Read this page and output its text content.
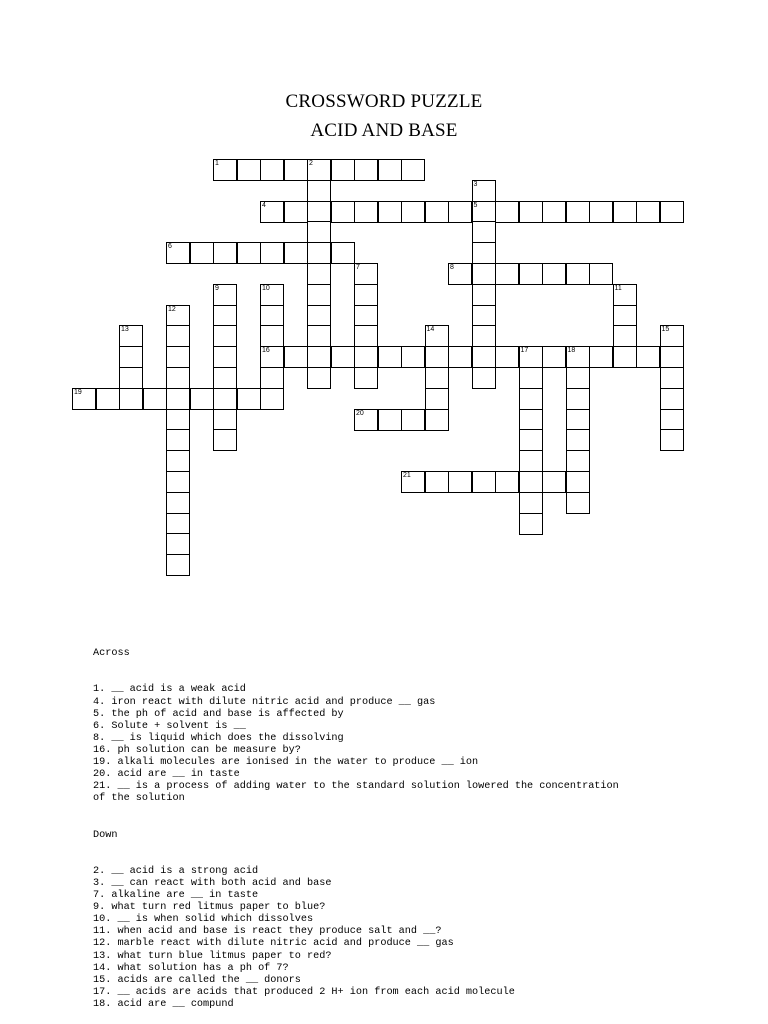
CROSSWORD PUZZLE
ACID AND BASE
1	2
4
3
5
6
7	8
9	10
16
11
12
13	14	15
17	18
19
20
21

Across

1. __ acid is a weak acid
4. iron react with dilute nitric acid and produce __ gas
5. the ph of acid and base is affected by
6. Solute + solvent is __
8. __ is liquid which does the dissolving
16. ph solution can be measure by?
19. alkali molecules are ionised in the water to produce __ ion
20. acid are __ in taste
21. __ is a process of adding water to the standard solution lowered the concentration
of the solution

Down

2. __ acid is a strong acid
3. __ can react with both acid and base
7. alkaline are __ in taste
9. what turn red litmus paper to blue?
10. __ is when solid which dissolves
11. when acid and base is react they produce salt and __?
12. marble react with dilute nitric acid and produce __ gas
13. what turn blue litmus paper to red?
14. what solution has a ph of 7?
15. acids are called the __ donors
17. __ acids are acids that produced 2 H+ ion from each acid molecule
18. acid are __ compund
